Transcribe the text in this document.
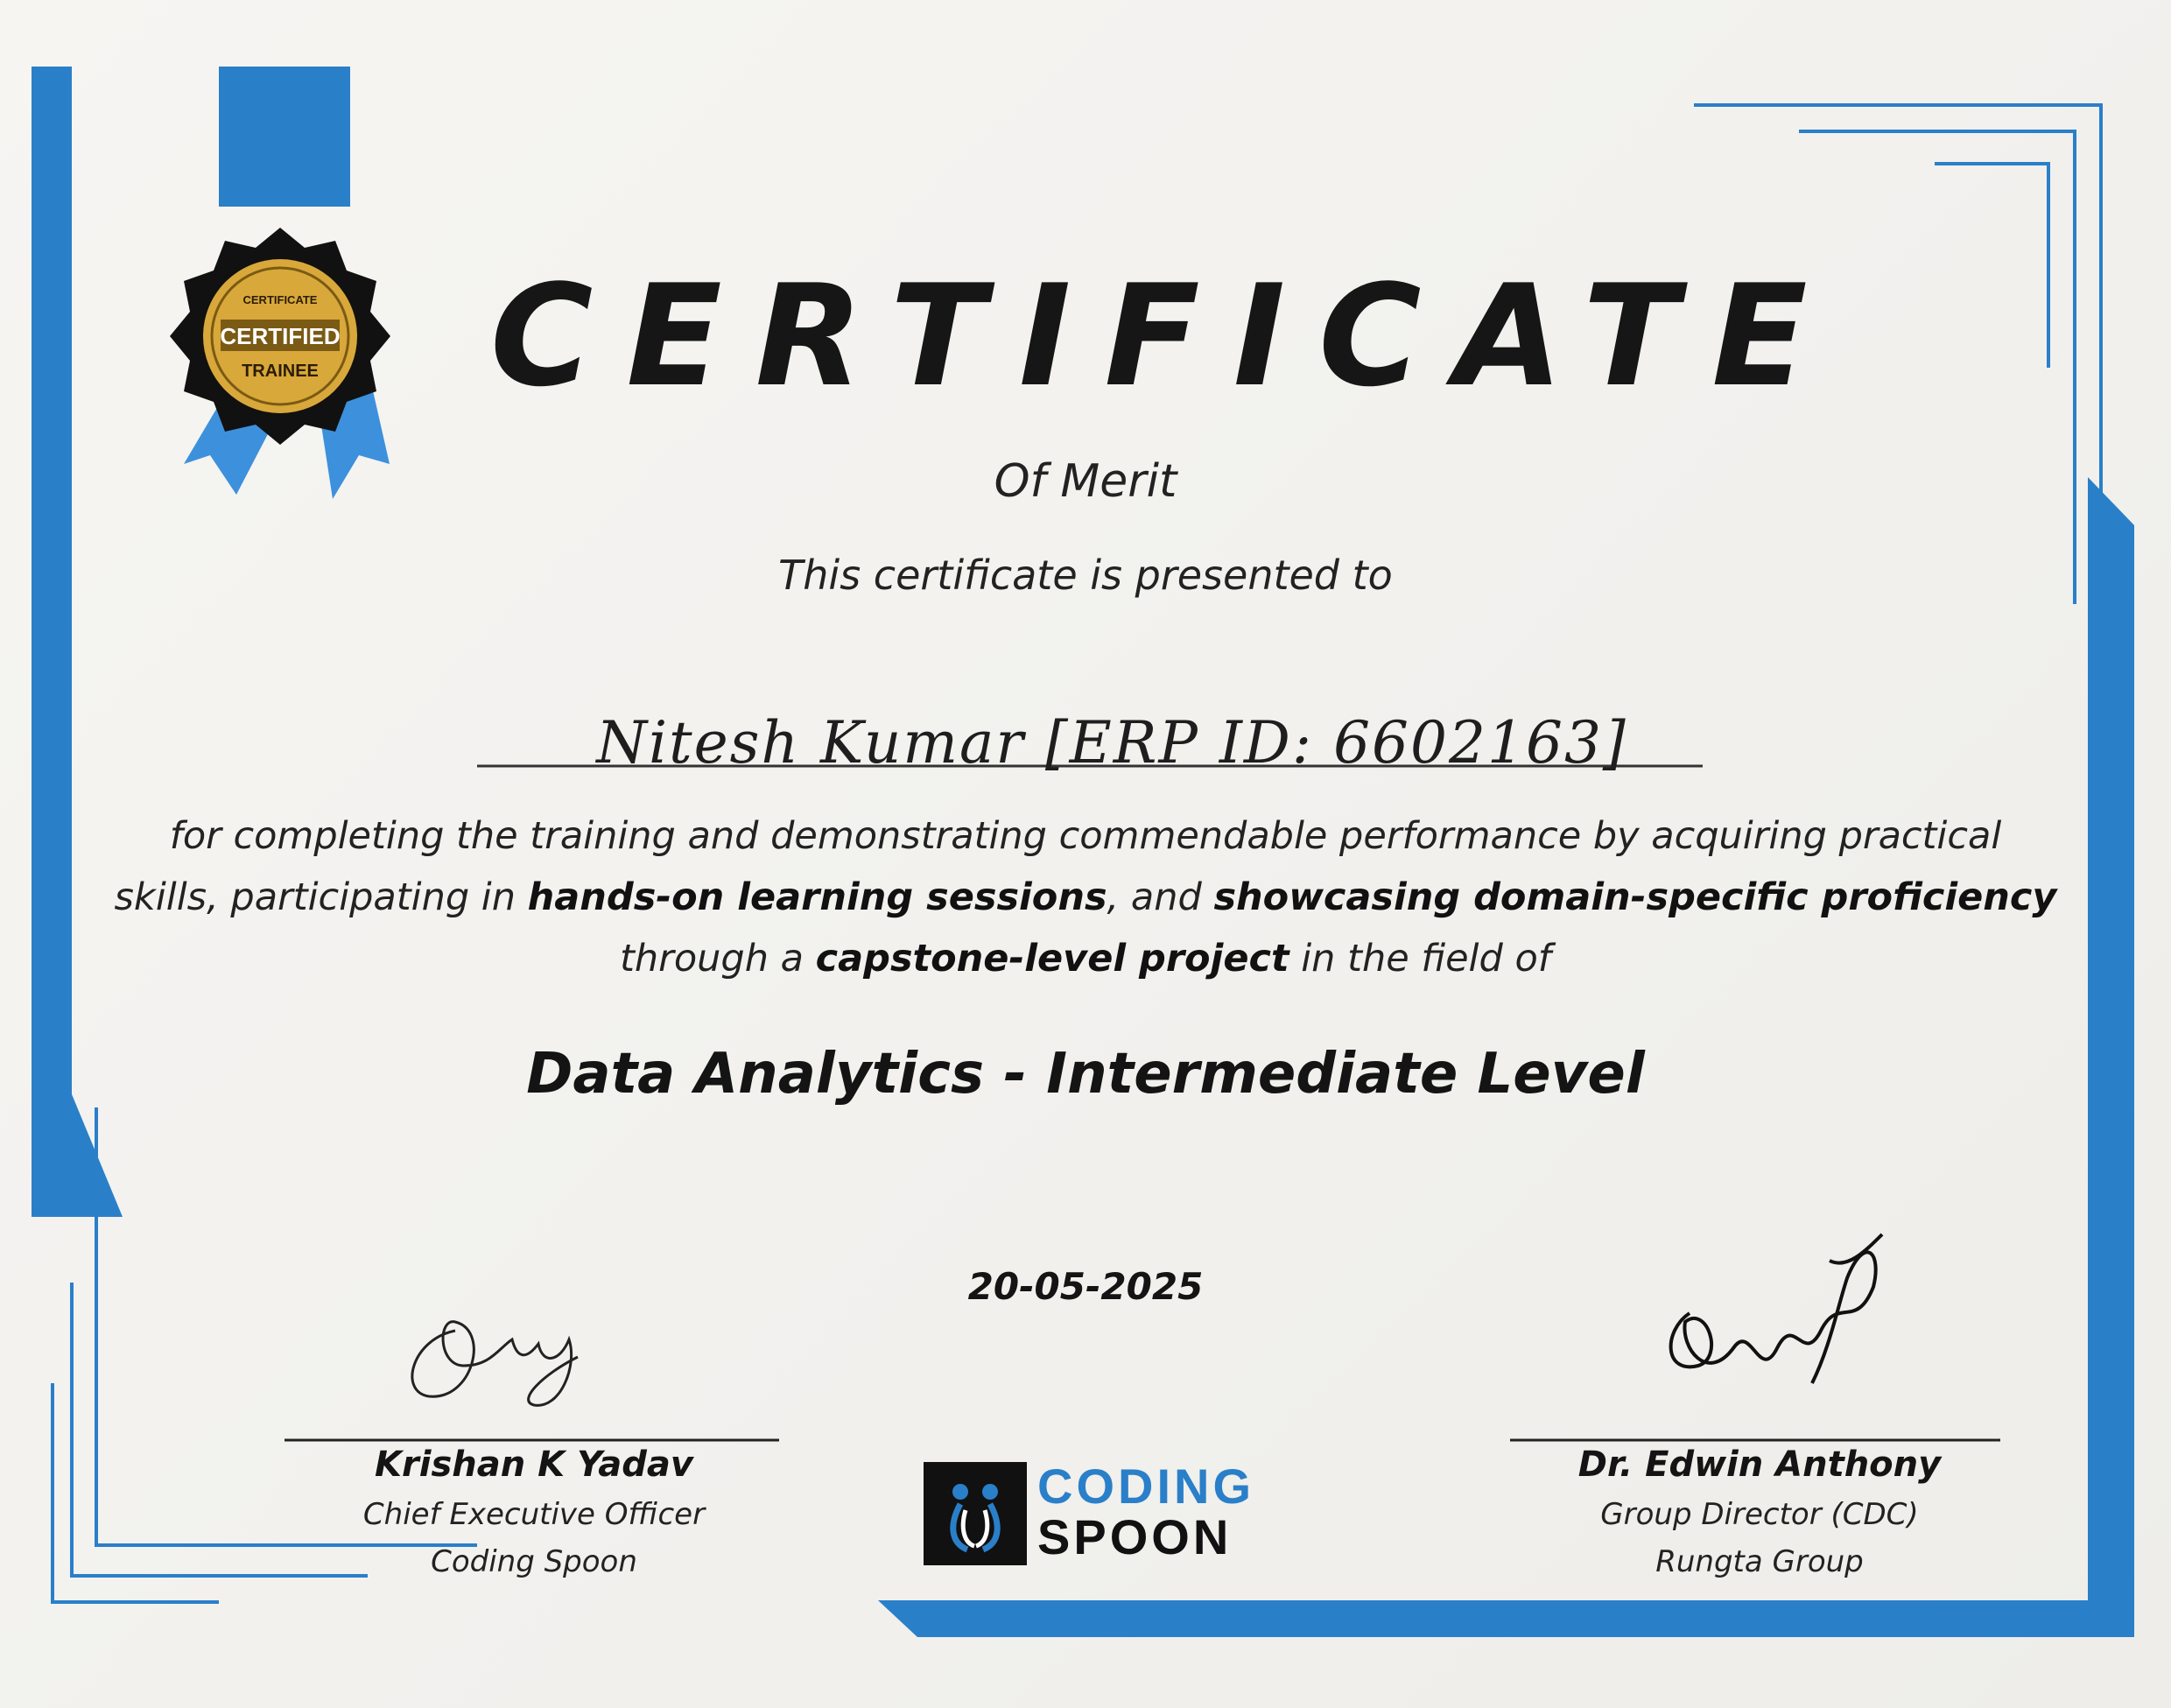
CERTIFICATE
CERTIFIED
TRAINEE CERTIFICATE
Of Merit
This certificate is presented to
Nitesh Kumar [ERP ID: 6602163]
for completing the training and demonstrating commendable performance by acquiring practical
skills, participating in hands-on learning sessions, and showcasing domain-specific proficiency
through a capstone-level project in the field of
Data Analytics - Intermediate Level
20-05-2025
Krishan K Yadav
Chief Executive Officer
Coding Spoon
Dr. Edwin Anthony
Group Director (CDC)
Rungta Group
CODING
SPOON
